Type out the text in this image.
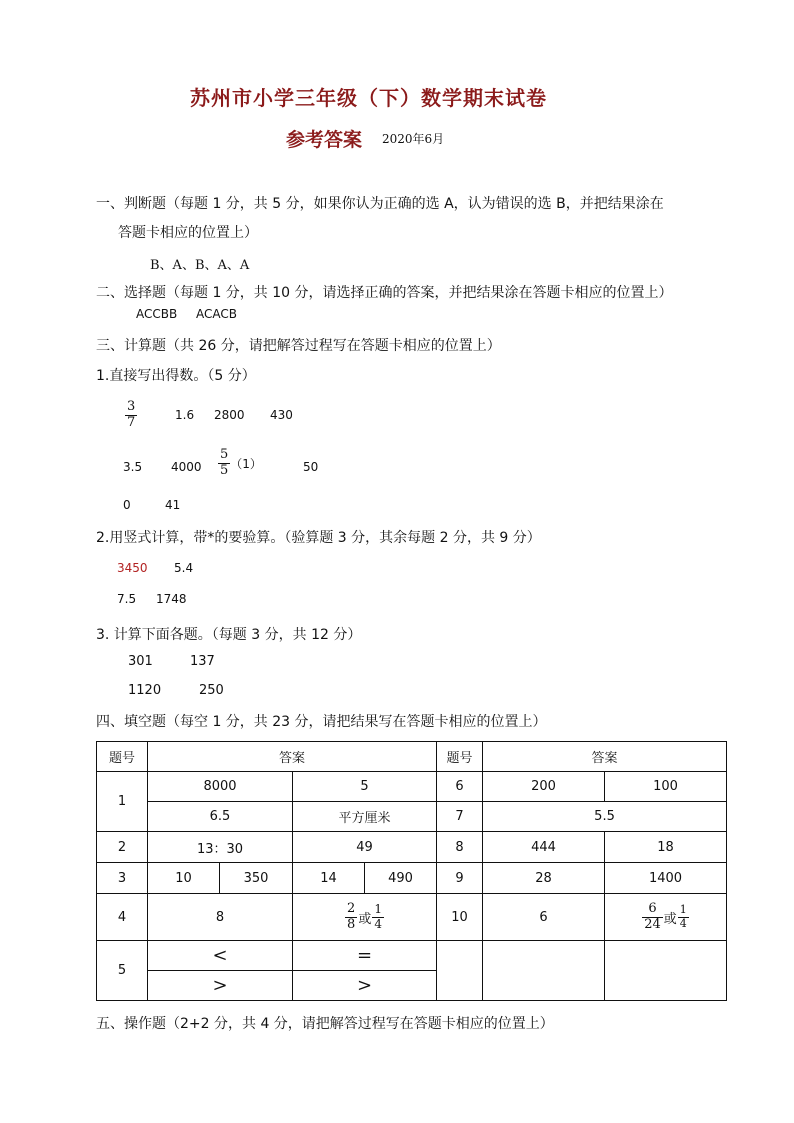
苏州市小学三年级（下）数学期末试卷
参考答案 2020年6月
一、判断题（每题 1 分，共 5 分，如果你认为正确的选 A，认为错误的选 B，并把结果涂在
答题卡相应的位置上）
B、A、B、A、A
二、选择题（每题 1 分，共 10 分，请选择正确的答案，并把结果涂在答题卡相应的位置上）
ACCBB ACACB
三、计算题（共 26 分，请把解答过程写在答题卡相应的位置上）
1.直接写出得数。（5 分）
$\frac{3}{7}$	1.6 2800 430
3.5 $4000 \frac{5}{5} (1)$	50
0	41
2.用竖式计算，带*的要验算。（验算题 3 分，其余每题 2 分，共 9 分）
3450 5.4
7.5 1748
3. 计算下面各题。（每题 3 分，共 12 分）
301	137
1120	250
四、填空题（每空 1 分，共 23 分，请把结果写在答题卡相应的位置上）
题号	答案				题号	答案	
1	8000		5		6	200	100
	6.5		平方厘米		7	5.5	
2	13：30		49		8	444	18
3	10	350	14	490	9	28	1400
4	8		$\frac{2}{8}$ 或 $\frac{1}{4}$		10	6	$\frac{6}{24}$ 或 $\frac{1}{4}$

5	<		=				
	>		>				
五、操作题（2+2 分，共 4 分，请把解答过程写在答题卡相应的位置上）
